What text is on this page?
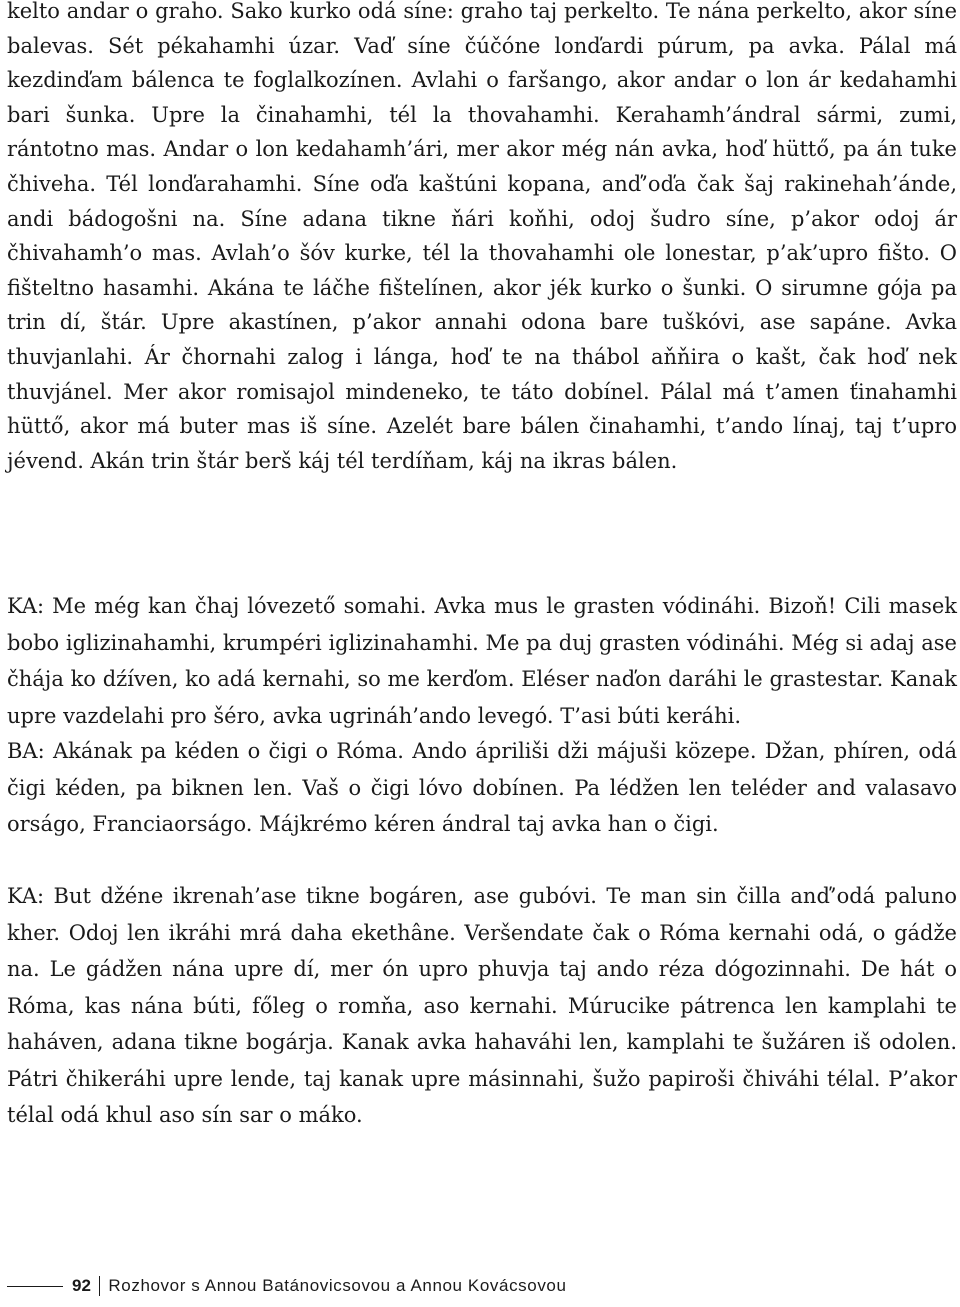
kelto andar o graho. Sako kurko odá síne: graho taj perkelto. Te nána perkelto, akor síne balevas. Sét pékahamhi úzar. Vaď síne čúčóne lonďardi púrum, pa avka. Pálal má kezdinďam bálenca te foglalkozínen. Avlahi o faršango, akor andar o lon ár kedahamhi bari šunka. Upre la činahamhi, tél la thovahamhi. Kerahamh’ándral sármi, zumi, rántotno mas. Andar o lon kedahamh’ári, mer akor még nán avka, hoď hüttő, pa án tuke čhiveha. Tél lonďarahamhi. Síne oďa kaštúni kopana, anď’oďa čak šaj rakinehah’ánde, andi bádogošni na. Síne adana tikne ňári koňhi, odoj šudro síne, p’akor odoj ár čhivahamh’o mas. Avlah’o šóv kurke, tél la thovahamhi ole lonestar, p’ak’upro fišto. O fišteltno hasamhi. Akána te láčhe fištelínen, akor jék kurko o šunki. O sirumne gója pa trin dí, štár. Upre akastínen, p’akor annahi odona bare tuškóvi, ase sapáne. Avka thuvjanlahi. Ár čhornahi zalog i lánga, hoď te na thábol aňňira o kašt, čak hoď nek thuvjánel. Mer akor romisajol mindeneko, te táto dobínel. Pálal má t’amen ťinahamhi hüttő, akor má buter mas iš síne. Azelét bare bálen činahamhi, t’ando línaj, taj t’upro jévend. Akán trin štár berš káj tél terdíňam, káj na ikras bálen.

KA: Me még kan čhaj lóvezető somahi. Avka mus le grasten vódináhi. Bizoň! Cili masek bobo iglizinahamhi, krumpéri iglizinahamhi. Me pa duj grasten vódináhi. Még si adaj ase čhája ko dźíven, ko adá kernahi, so me kerďom. Eléser naďon daráhi le grastestar. Kanak upre vazdelahi pro šéro, avka ugrináh’ando levegó. T’asi búti keráhi.

BA: Akának pa kéden o čigi o Róma. Ando ápriliši dži májuši közepe. Džan, phíren, odá čigi kéden, pa biknen len. Vaš o čigi lóvo dobínen. Pa lédžen len teléder and valasavo orságo, Franciaorságo. Májkrémo kéren ándral taj avka han o čigi.

KA: But džéne ikrenah’ase tikne bogáren, ase gubóvi. Te man sin čilla anď’odá paluno kher. Odoj len ikráhi mrá daha ekethâne. Veršendate čak o Róma kernahi odá, o gádže na. Le gádžen nána upre dí, mer ón upro phuvja taj ando réza dógozinnahi. De hát o Róma, kas nána búti, főleg o romňa, aso kernahi. Múrucike pátrenca len kamplahi te haháven, adana tikne bogárja. Kanak avka hahaváhi len, kamplahi te šužáren iš odolen. Pátri čhikeráhi upre lende, taj kanak upre másinnahi, šužo papiroši čhiváhi télal. P’akor télal odá khul aso sín sar o máko.

92 Rozhovor s Annou Batánovicsovou a Annou Kovácsovou
